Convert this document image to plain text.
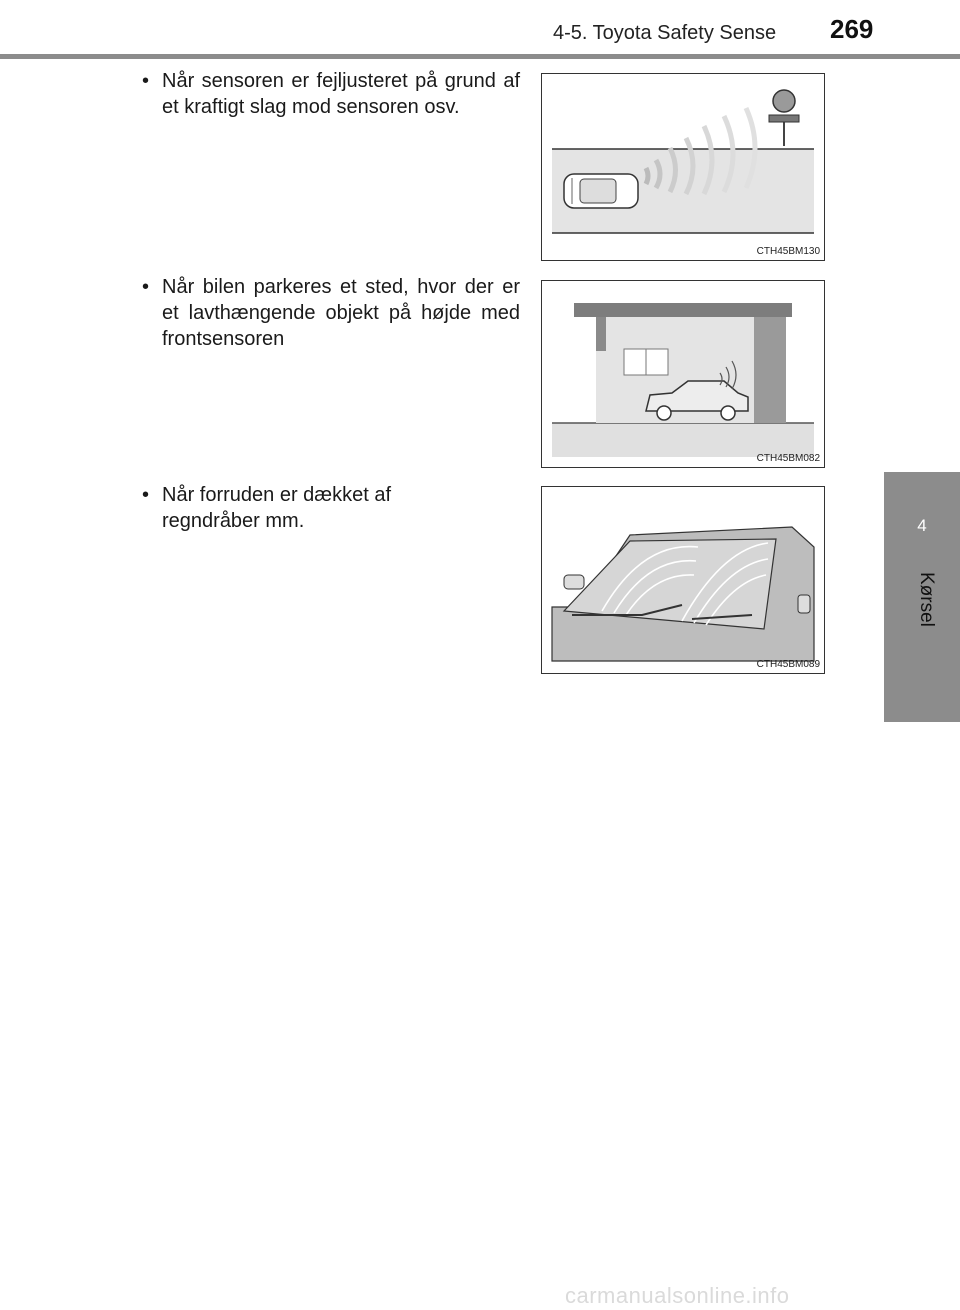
4-5. Toyota Safety Sense 269
4
Kørsel
• Når sensoren er fejljusteret på grund af et kraftigt slag mod sensoren osv.
CTH45BM130
• Når bilen parkeres et sted, hvor der er et lavthængende objekt på højde med frontsensoren
CTH45BM082
• Når forruden er dækket af regndråber mm.
CTH45BM089
carmanualsonline.info
